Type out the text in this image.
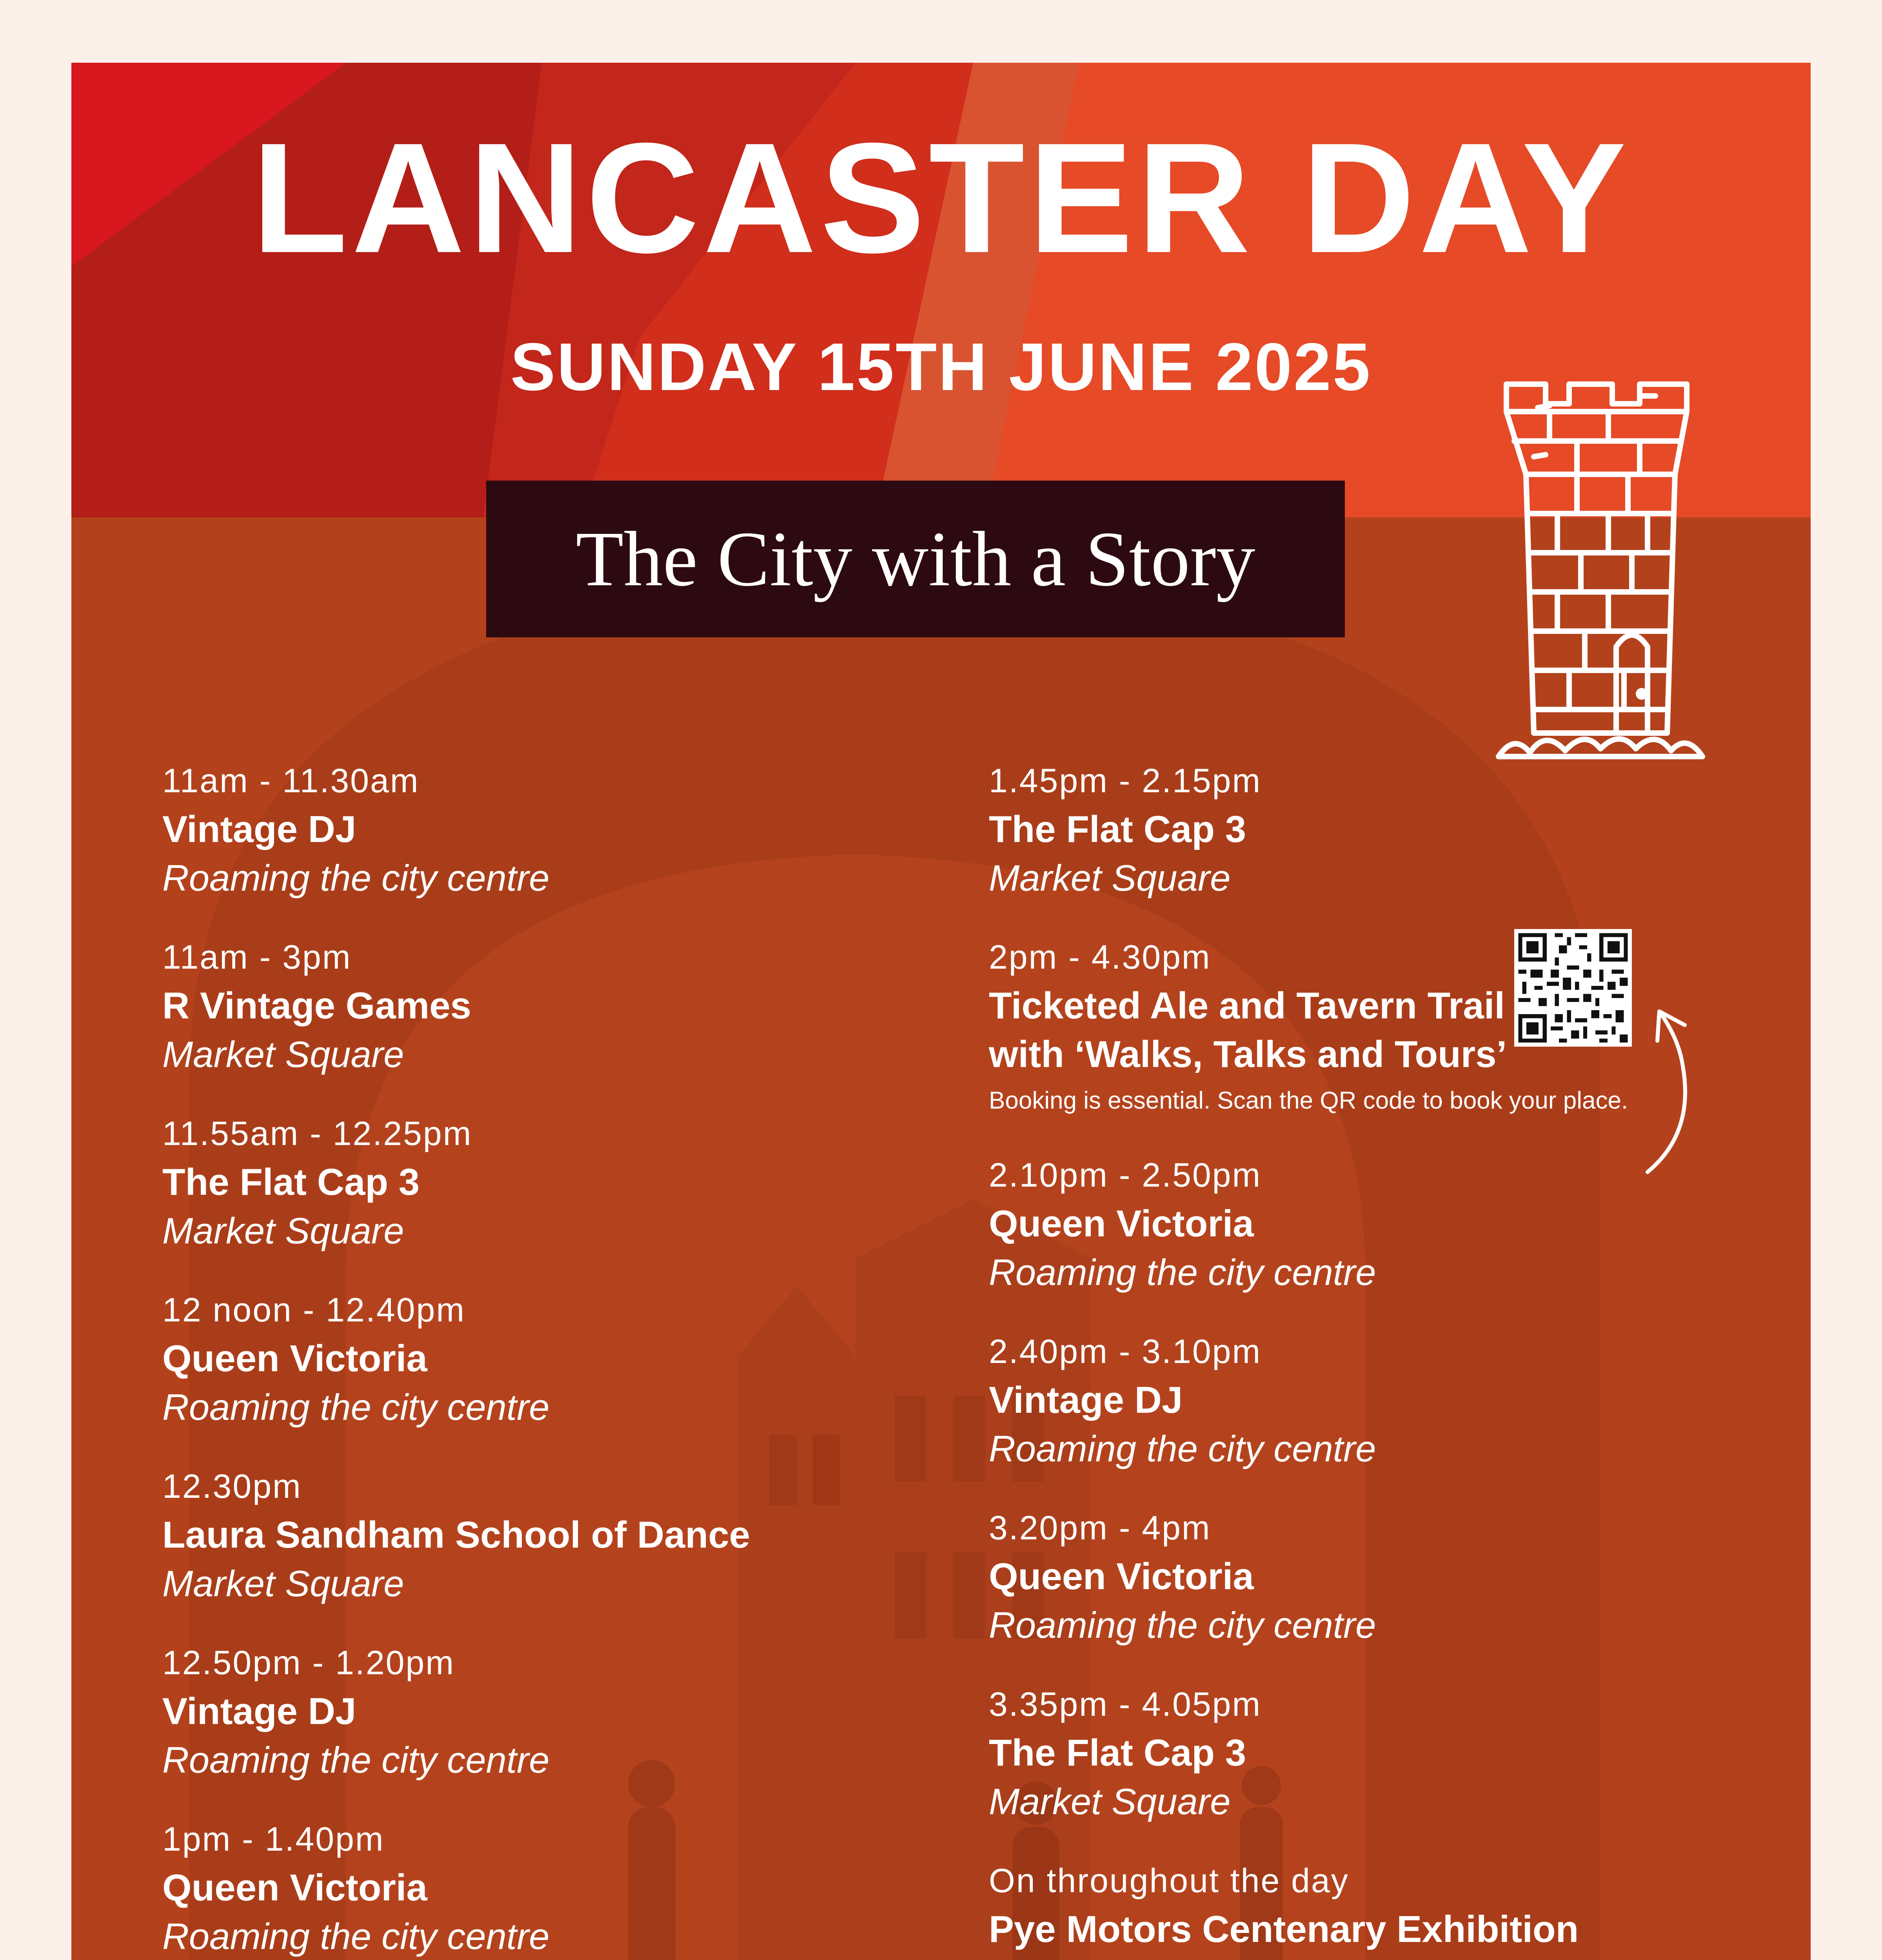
LANCASTER DAY
SUNDAY 15TH JUNE 2025
The City with a Story
11am - 11.30am
Vintage DJ
Roaming the city centre
11am - 3pm
R Vintage Games
Market Square
11.55am - 12.25pm
The Flat Cap 3
Market Square
12 noon - 12.40pm
Queen Victoria
Roaming the city centre
12.30pm
Laura Sandham School of Dance
Market Square
12.50pm - 1.20pm
Vintage DJ
Roaming the city centre
1pm - 1.40pm
Queen Victoria
Roaming the city centre
1.45pm - 2.15pm
The Flat Cap 3
Market Square
2pm - 4.30pm
Ticketed Ale and Tavern Trail
with ‘Walks, Talks and Tours’
Booking is essential. Scan the QR code to book your place.
2.10pm - 2.50pm
Queen Victoria
Roaming the city centre
2.40pm - 3.10pm
Vintage DJ
Roaming the city centre
3.20pm - 4pm
Queen Victoria
Roaming the city centre
3.35pm - 4.05pm
The Flat Cap 3
Market Square
On throughout the day
Pye Motors Centenary Exhibition
